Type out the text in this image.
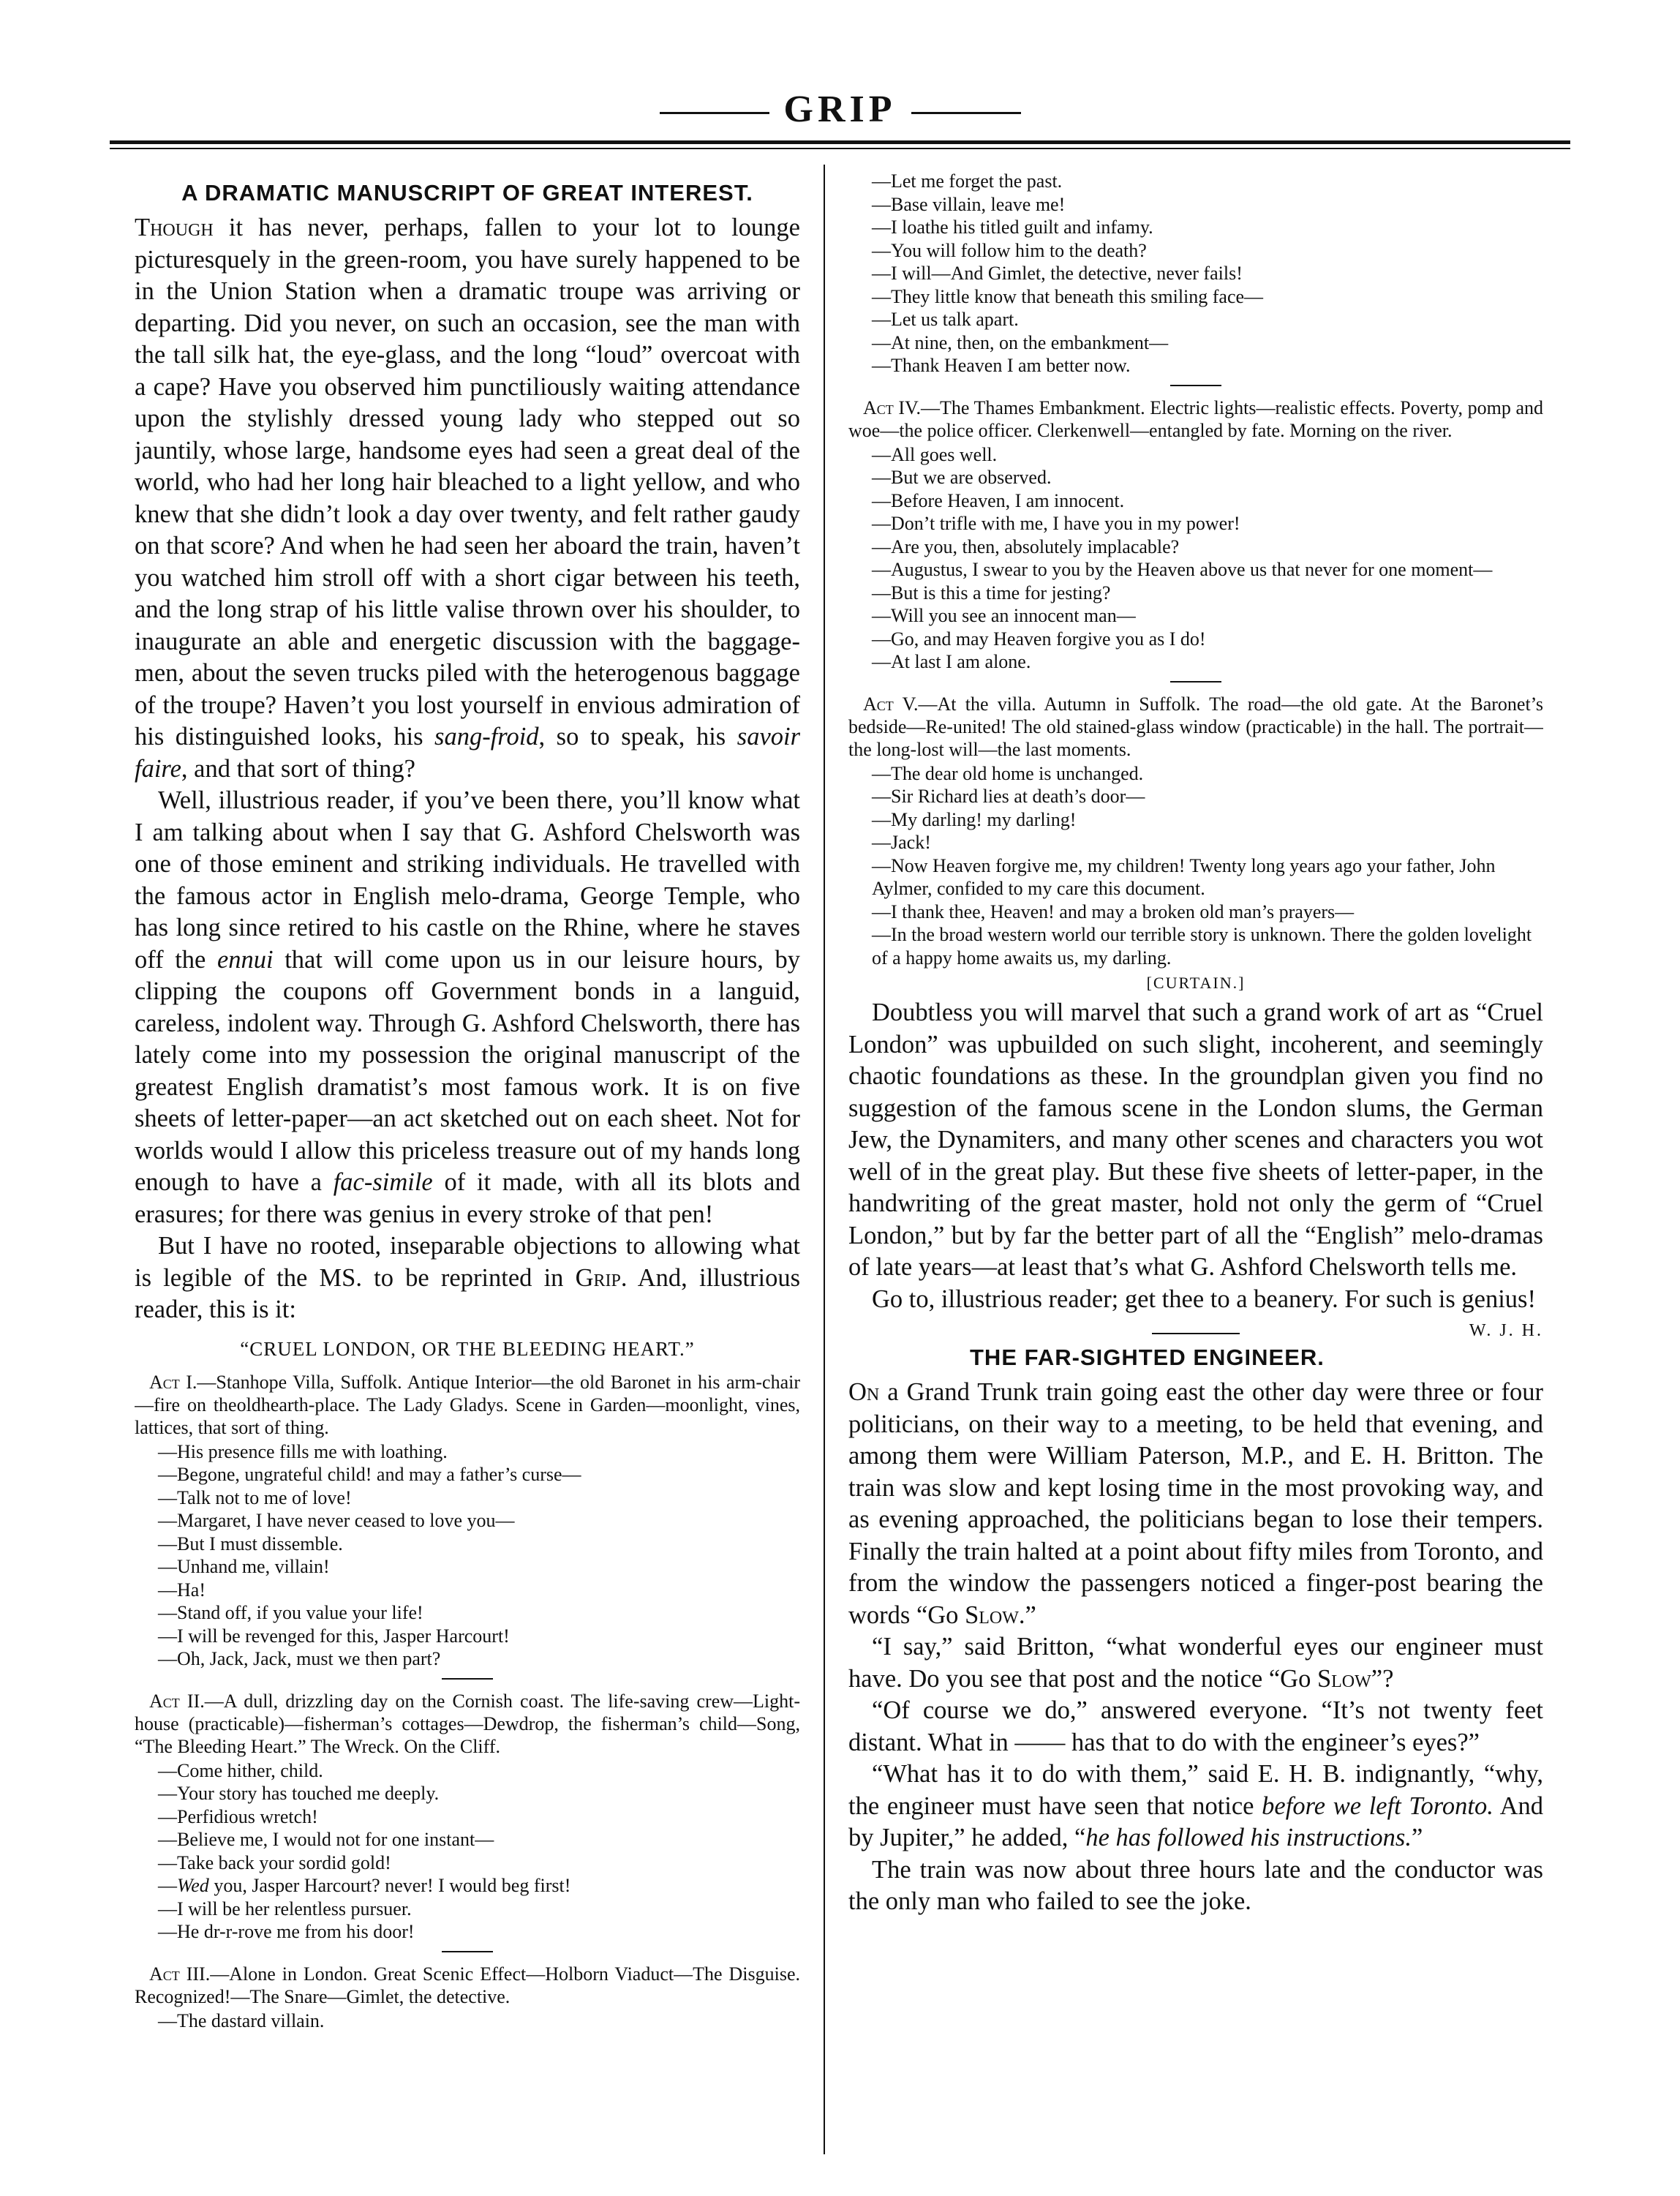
GRIP
A DRAMATIC MANUSCRIPT OF GREAT INTEREST.

Though it has never, perhaps, fallen to your lot to lounge picturesquely in the green-room, you have surely happened to be in the Union Station when a dramatic troupe was arriving or departing. Did you never, on such an occasion, see the man with the tall silk hat, the eye-glass, and the long “loud” overcoat with a cape? Have you observed him punctiliously waiting attendance upon the stylishly dressed young lady who stepped out so jauntily, whose large, handsome eyes had seen a great deal of the world, who had her long hair bleached to a light yellow, and who knew that she didn’t look a day over twenty, and felt rather gaudy on that score? And when he had seen her aboard the train, haven’t you watched him stroll off with a short cigar between his teeth, and the long strap of his little valise thrown over his shoulder, to inaugurate an able and energetic discussion with the baggage-men, about the seven trucks piled with the heterogenous baggage of the troupe? Haven’t you lost yourself in envious admiration of his distinguished looks, his sang-froid, so to speak, his savoir faire, and that sort of thing?

Well, illustrious reader, if you’ve been there, you’ll know what I am talking about when I say that G. Ashford Chelsworth was one of those eminent and striking individuals. He travelled with the famous actor in English melo-drama, George Temple, who has long since retired to his castle on the Rhine, where he staves off the ennui that will come upon us in our leisure hours, by clipping the coupons off Government bonds in a languid, careless, indolent way. Through G. Ashford Chelsworth, there has lately come into my possession the original manuscript of the greatest English dramatist’s most famous work. It is on five sheets of letter-paper—an act sketched out on each sheet. Not for worlds would I allow this priceless treasure out of my hands long enough to have a fac-simile of it made, with all its blots and erasures; for there was genius in every stroke of that pen!

But I have no rooted, inseparable objections to allowing what is legible of the MS. to be reprinted in Grip. And, illustrious reader, this is it:

“CRUEL LONDON, OR THE BLEEDING HEART.”

Act I.—Stanhope Villa, Suffolk. Antique Interior—the old Baronet in his arm-chair—fire on theoldhearth-place. The Lady Gladys. Scene in Garden—moonlight, vines, lattices, that sort of thing.

—His presence fills me with loathing.
—Begone, ungrateful child! and may a father’s curse—
—Talk not to me of love!
—Margaret, I have never ceased to love you—
—But I must dissemble.
—Unhand me, villain!
—Ha!
—Stand off, if you value your life!
—I will be revenged for this, Jasper Harcourt!
—Oh, Jack, Jack, must we then part?

Act II.—A dull, drizzling day on the Cornish coast. The life-saving crew—Light-house (practicable)—fisherman’s cottages—Dewdrop, the fisherman’s child—Song, “The Bleeding Heart.” The Wreck. On the Cliff.

—Come hither, child.
—Your story has touched me deeply.
—Perfidious wretch!
—Believe me, I would not for one instant—
—Take back your sordid gold!
—Wed you, Jasper Harcourt? never! I would beg first!
—I will be her relentless pursuer.
—He dr-r-rove me from his door!

Act III.—Alone in London. Great Scenic Effect—Holborn Viaduct—The Disguise. Recognized!—The Snare—Gimlet, the detective.

—The dastard villain.
—Let me forget the past.
—Base villain, leave me!
—I loathe his titled guilt and infamy.
—You will follow him to the death?
—I will—And Gimlet, the detective, never fails!
—They little know that beneath this smiling face—
—Let us talk apart.
—At nine, then, on the embankment—
—Thank Heaven I am better now.

Act IV.—The Thames Embankment. Electric lights—realistic effects. Poverty, pomp and woe—the police officer. Clerkenwell—entangled by fate. Morning on the river.

—All goes well.
—But we are observed.
—Before Heaven, I am innocent.
—Don’t trifle with me, I have you in my power!
—Are you, then, absolutely implacable?
—Augustus, I swear to you by the Heaven above us that never for one moment—
—But is this a time for jesting?
—Will you see an innocent man—
—Go, and may Heaven forgive you as I do!
—At last I am alone.

Act V.—At the villa. Autumn in Suffolk. The road—the old gate. At the Baronet’s bedside—Re-united! The old stained-glass window (practicable) in the hall. The portrait—the long-lost will—the last moments.

—The dear old home is unchanged.
—Sir Richard lies at death’s door—
—My darling! my darling!
—Jack!
—Now Heaven forgive me, my children! Twenty long years ago your father, John Aylmer, confided to my care this document.
—I thank thee, Heaven! and may a broken old man’s prayers—
—In the broad western world our terrible story is unknown. There the golden lovelight of a happy home awaits us, my darling.
[CURTAIN.]

Doubtless you will marvel that such a grand work of art as “Cruel London” was upbuilded on such slight, incoherent, and seemingly chaotic foundations as these. In the groundplan given you find no suggestion of the famous scene in the London slums, the German Jew, the Dynamiters, and many other scenes and characters you wot well of in the great play. But these five sheets of letter-paper, in the handwriting of the great master, hold not only the germ of “Cruel London,” but by far the better part of all the “English” melo-dramas of late years—at least that’s what G. Ashford Chelsworth tells me.

Go to, illustrious reader; get thee to a beanery. For such is genius!
W. J. H.

THE FAR-SIGHTED ENGINEER.

On a Grand Trunk train going east the other day were three or four politicians, on their way to a meeting, to be held that evening, and among them were William Paterson, M.P., and E. H. Britton. The train was slow and kept losing time in the most provoking way, and as evening approached, the politicians began to lose their tempers. Finally the train halted at a point about fifty miles from Toronto, and from the window the passengers noticed a finger-post bearing the words “Go Slow.”

“I say,” said Britton, “what wonderful eyes our engineer must have. Do you see that post and the notice “Go Slow”?

“Of course we do,” answered everyone. “It’s not twenty feet distant. What in —— has that to do with the engineer’s eyes?”

“What has it to do with them,” said E. H. B. indignantly, “why, the engineer must have seen that notice before we left Toronto. And by Jupiter,” he added, “he has followed his instructions.”

The train was now about three hours late and the conductor was the only man who failed to see the joke.
